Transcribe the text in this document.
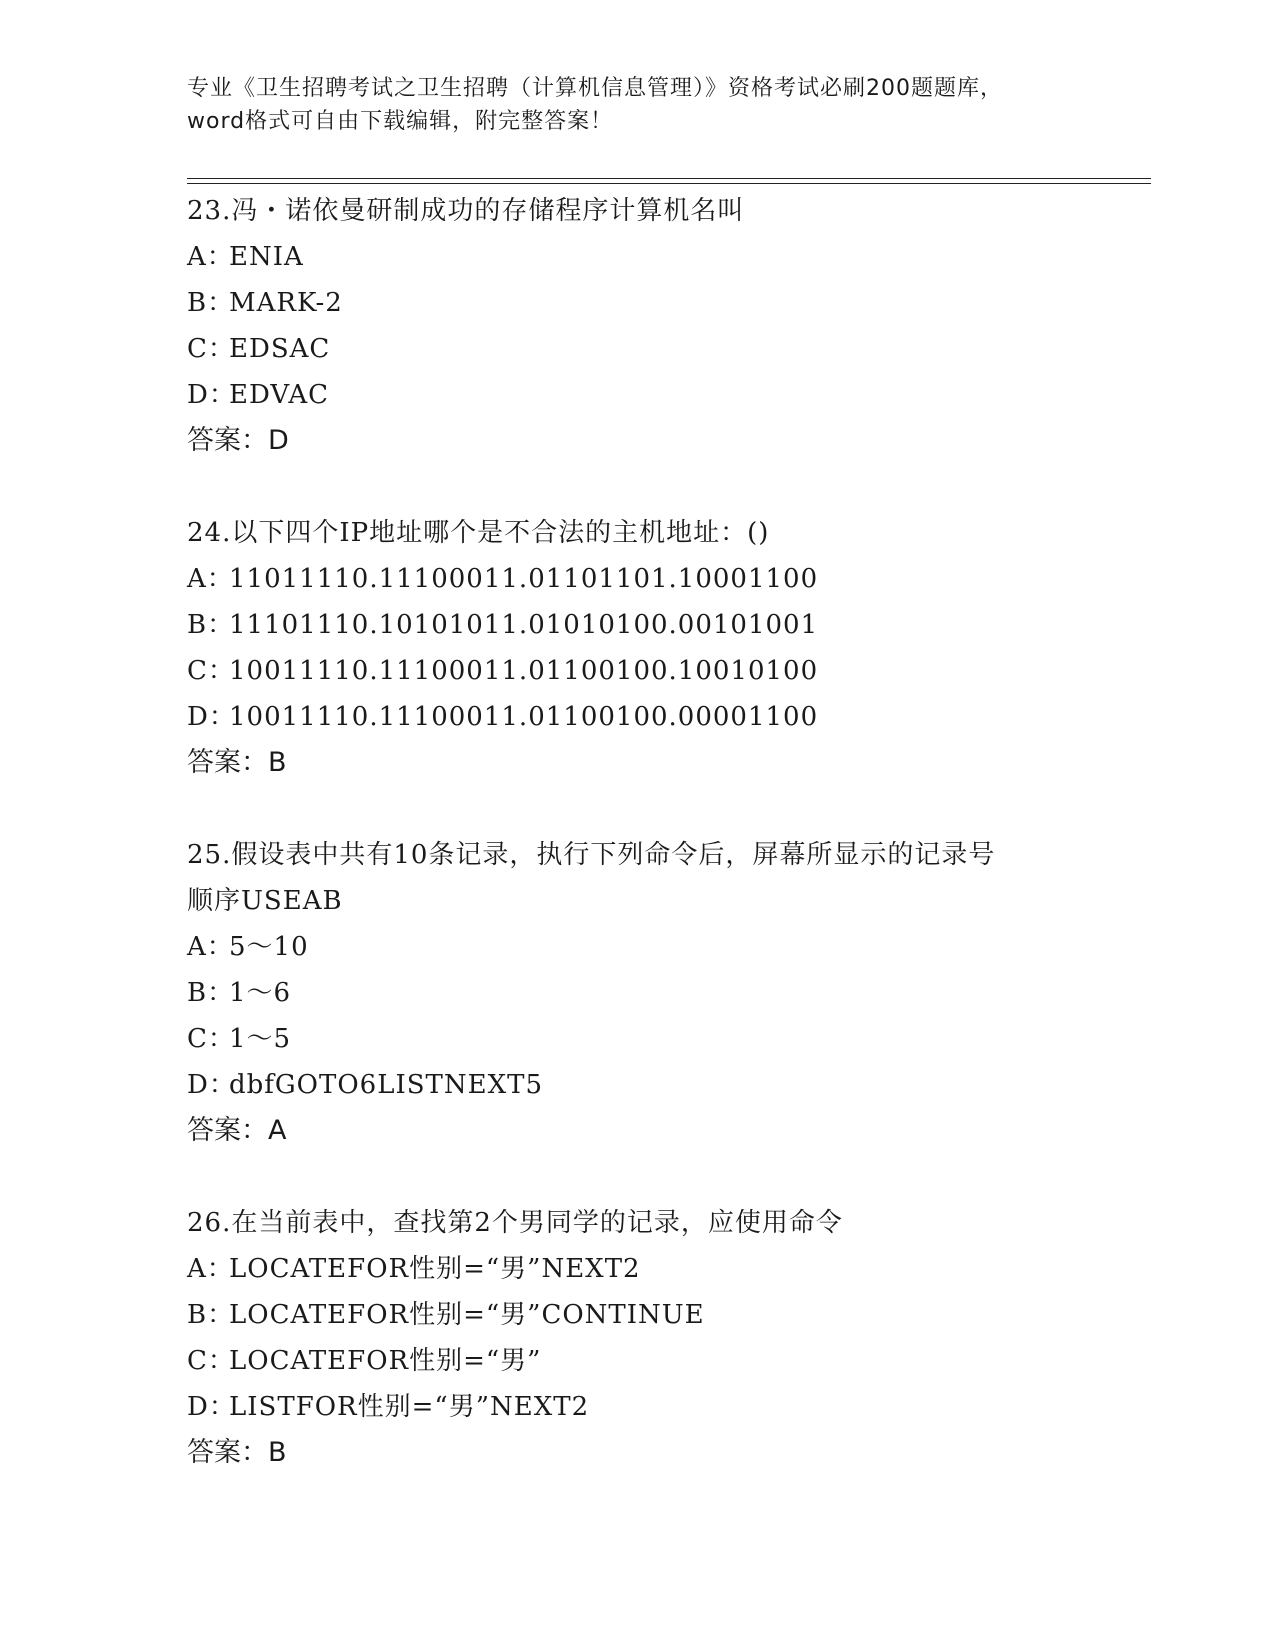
专业《卫生招聘考试之卫生招聘（计算机信息管理）》资格考试必刷200题题库，
word格式可自由下载编辑，附完整答案！
23.冯・诺依曼研制成功的存储程序计算机名叫
A：ENIA
B：MARK-2
C：EDSAC
D：EDVAC
答案：D
24.以下四个IP地址哪个是不合法的主机地址：()
A：11011110.11100011.01101101.10001100
B：11101110.10101011.01010100.00101001
C：10011110.11100011.01100100.10010100
D：10011110.11100011.01100100.00001100
答案：B
25.假设表中共有10条记录，执行下列命令后，屏幕所显示的记录号
顺序USEAB
A：5～10
B：1～6
C：1～5
D：dbfGOTO6LISTNEXT5
答案：A
26.在当前表中，查找第2个男同学的记录，应使用命令
A：LOCATEFOR性别=“男”NEXT2
B：LOCATEFOR性别=“男”CONTINUE
C：LOCATEFOR性别=“男”
D：LISTFOR性别=“男”NEXT2
答案：B
